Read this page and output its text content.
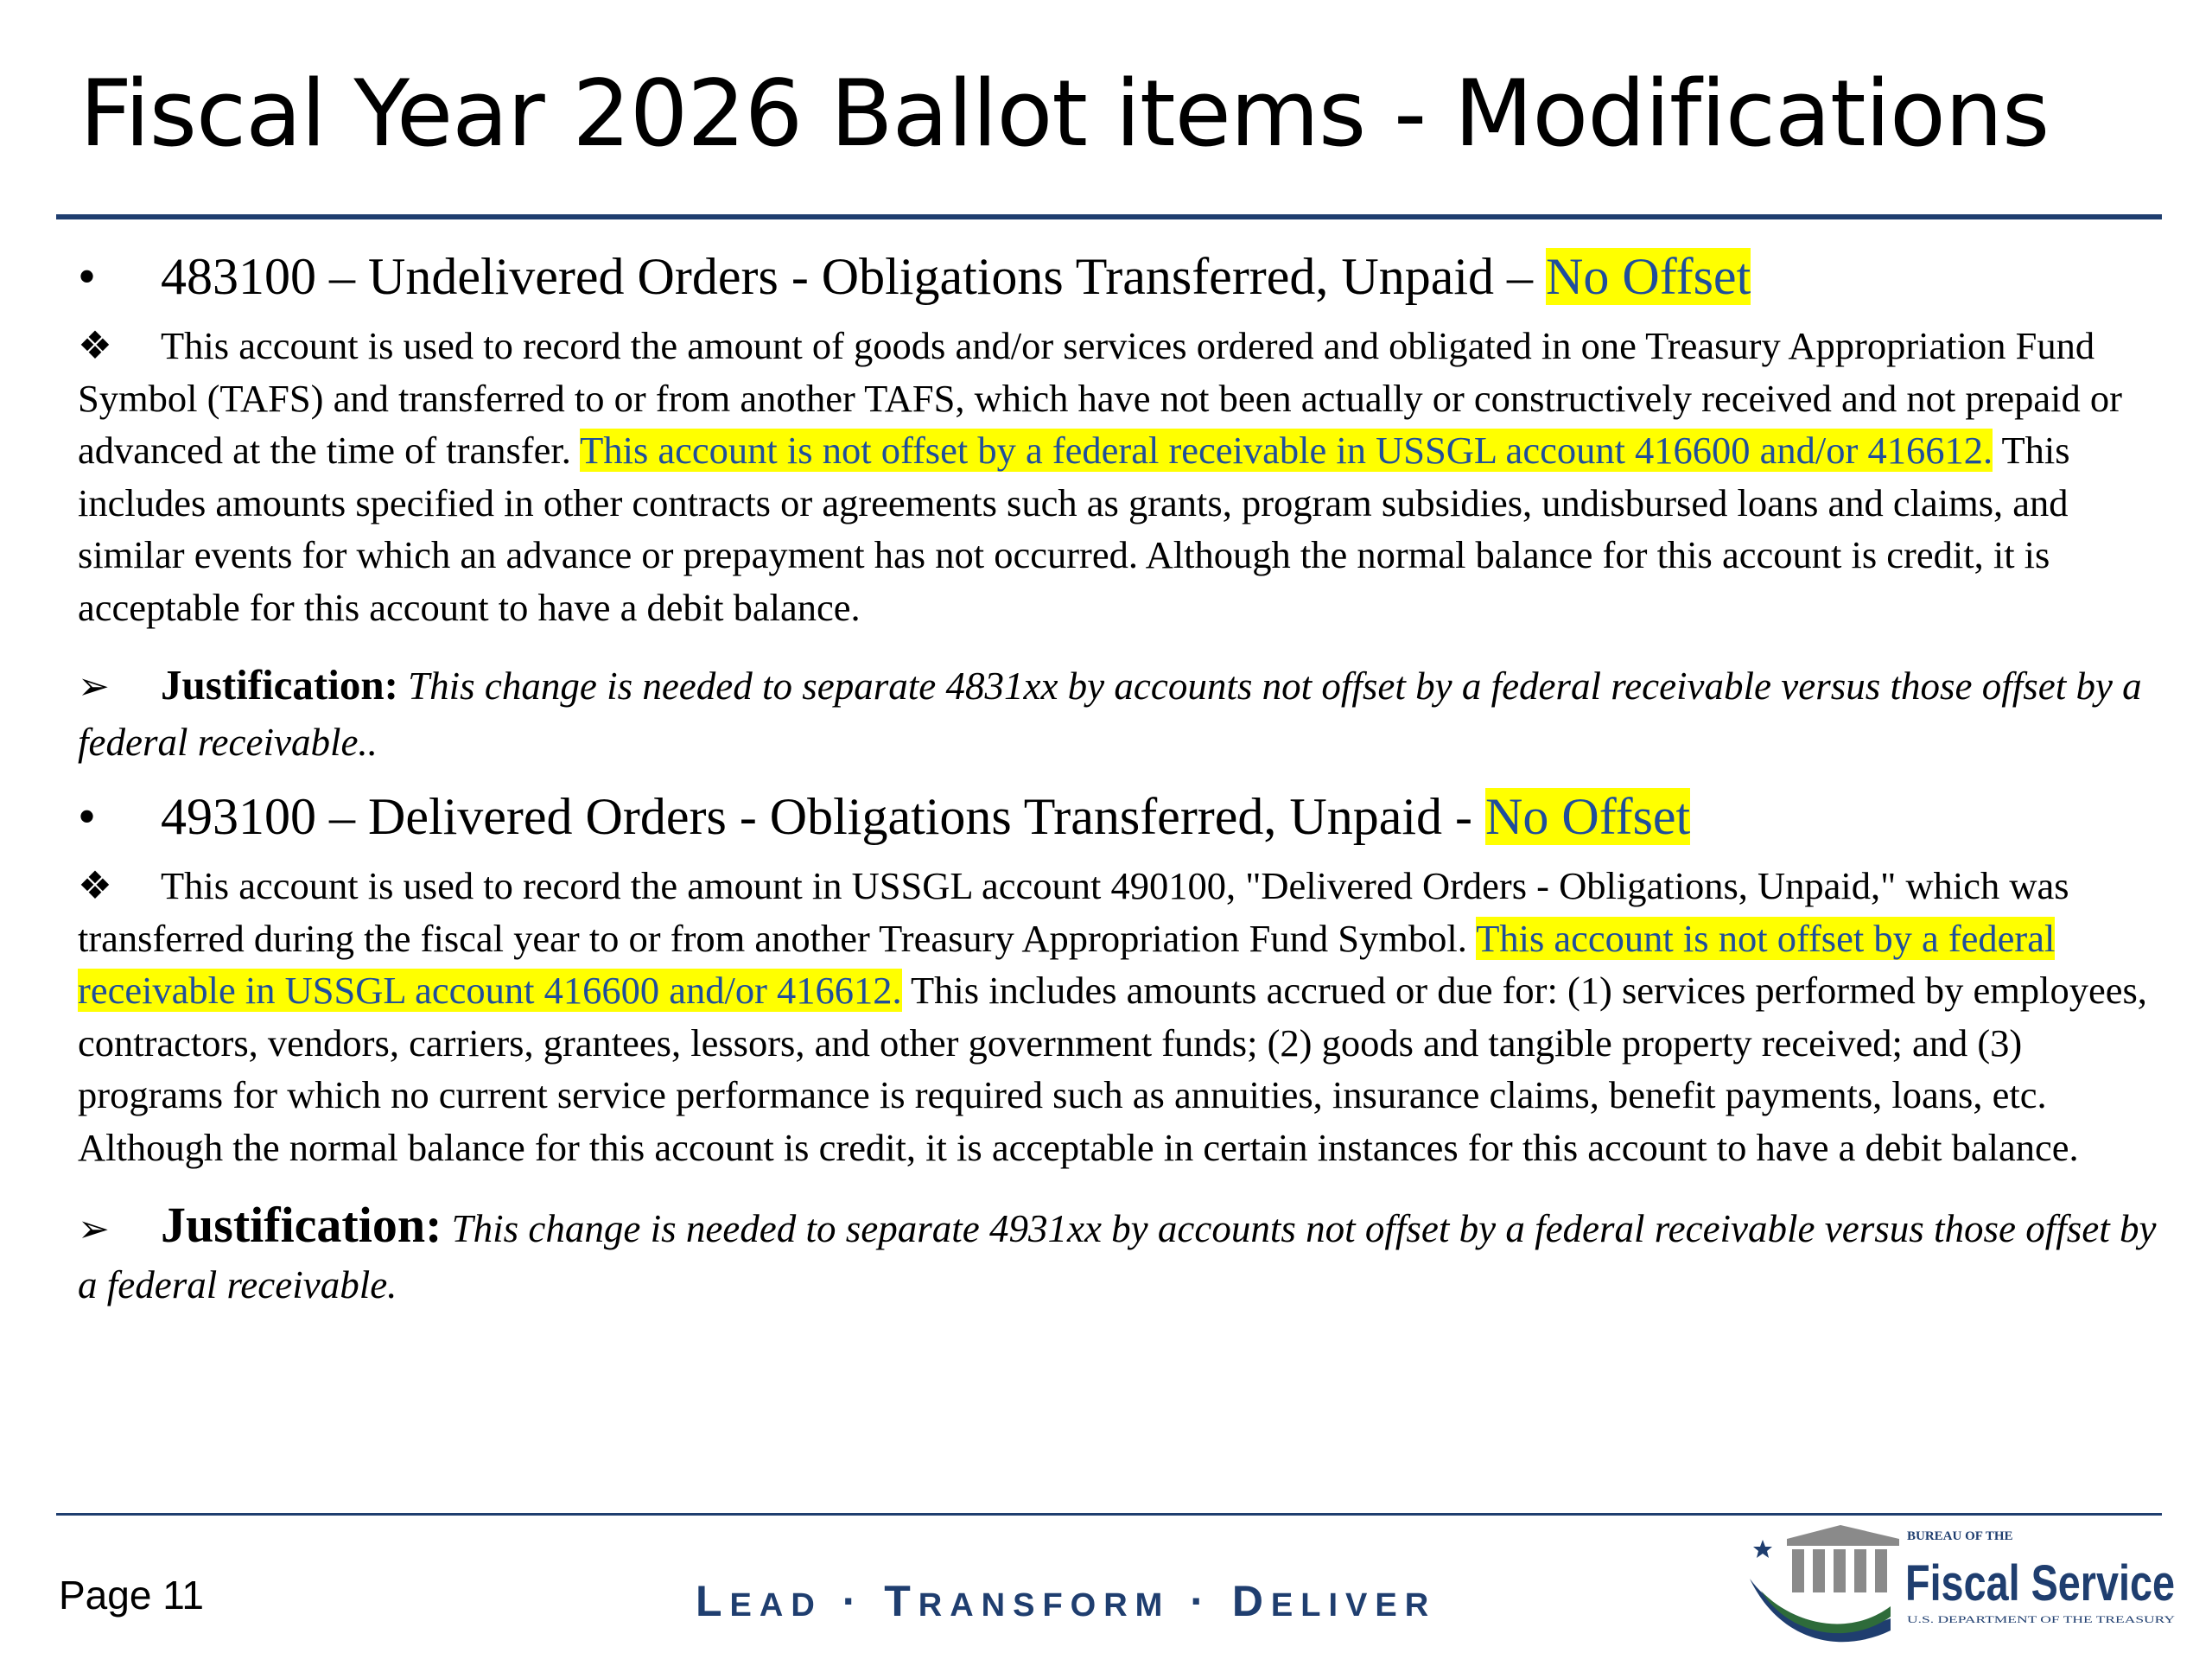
Fiscal Year 2026 Ballot items - Modifications
•	483100 – Undelivered Orders - Obligations Transferred, Unpaid – No Offset

❖ This account is used to record the amount of goods and/or services ordered and obligated in one Treasury Appropriation Fund Symbol (TAFS) and transferred to or from another TAFS, which have not been actually or constructively received and not prepaid or advanced at the time of transfer. This account is not offset by a federal receivable in USSGL account 416600 and/or 416612. This includes amounts specified in other contracts or agreements such as grants, program subsidies, undisbursed loans and claims, and similar events for which an advance or prepayment has not occurred. Although the normal balance for this account is credit, it is acceptable for this account to have a debit balance.

➢ Justification: This change is needed to separate 4831xx by accounts not offset by a federal receivable versus those offset by a federal receivable..

•	493100 – Delivered Orders - Obligations Transferred, Unpaid - No Offset

❖ This account is used to record the amount in USSGL account 490100, "Delivered Orders - Obligations, Unpaid," which was transferred during the fiscal year to or from another Treasury Appropriation Fund Symbol. This account is not offset by a federal receivable in USSGL account 416600 and/or 416612. This includes amounts accrued or due for: (1) services performed by employees, contractors, vendors, carriers, grantees, lessors, and other government funds; (2) goods and tangible property received; and (3) programs for which no current service performance is required such as annuities, insurance claims, benefit payments, loans, etc. Although the normal balance for this account is credit, it is acceptable in certain instances for this account to have a debit balance.

➢ Justification: This change is needed to separate 4931xx by accounts not offset by a federal receivable versus those offset by a federal receivable.

Page 11	LEAD · TRANSFORM · DELIVER
BUREAU OF THE
Fiscal Service
U.S. DEPARTMENT OF THE TREASURY
